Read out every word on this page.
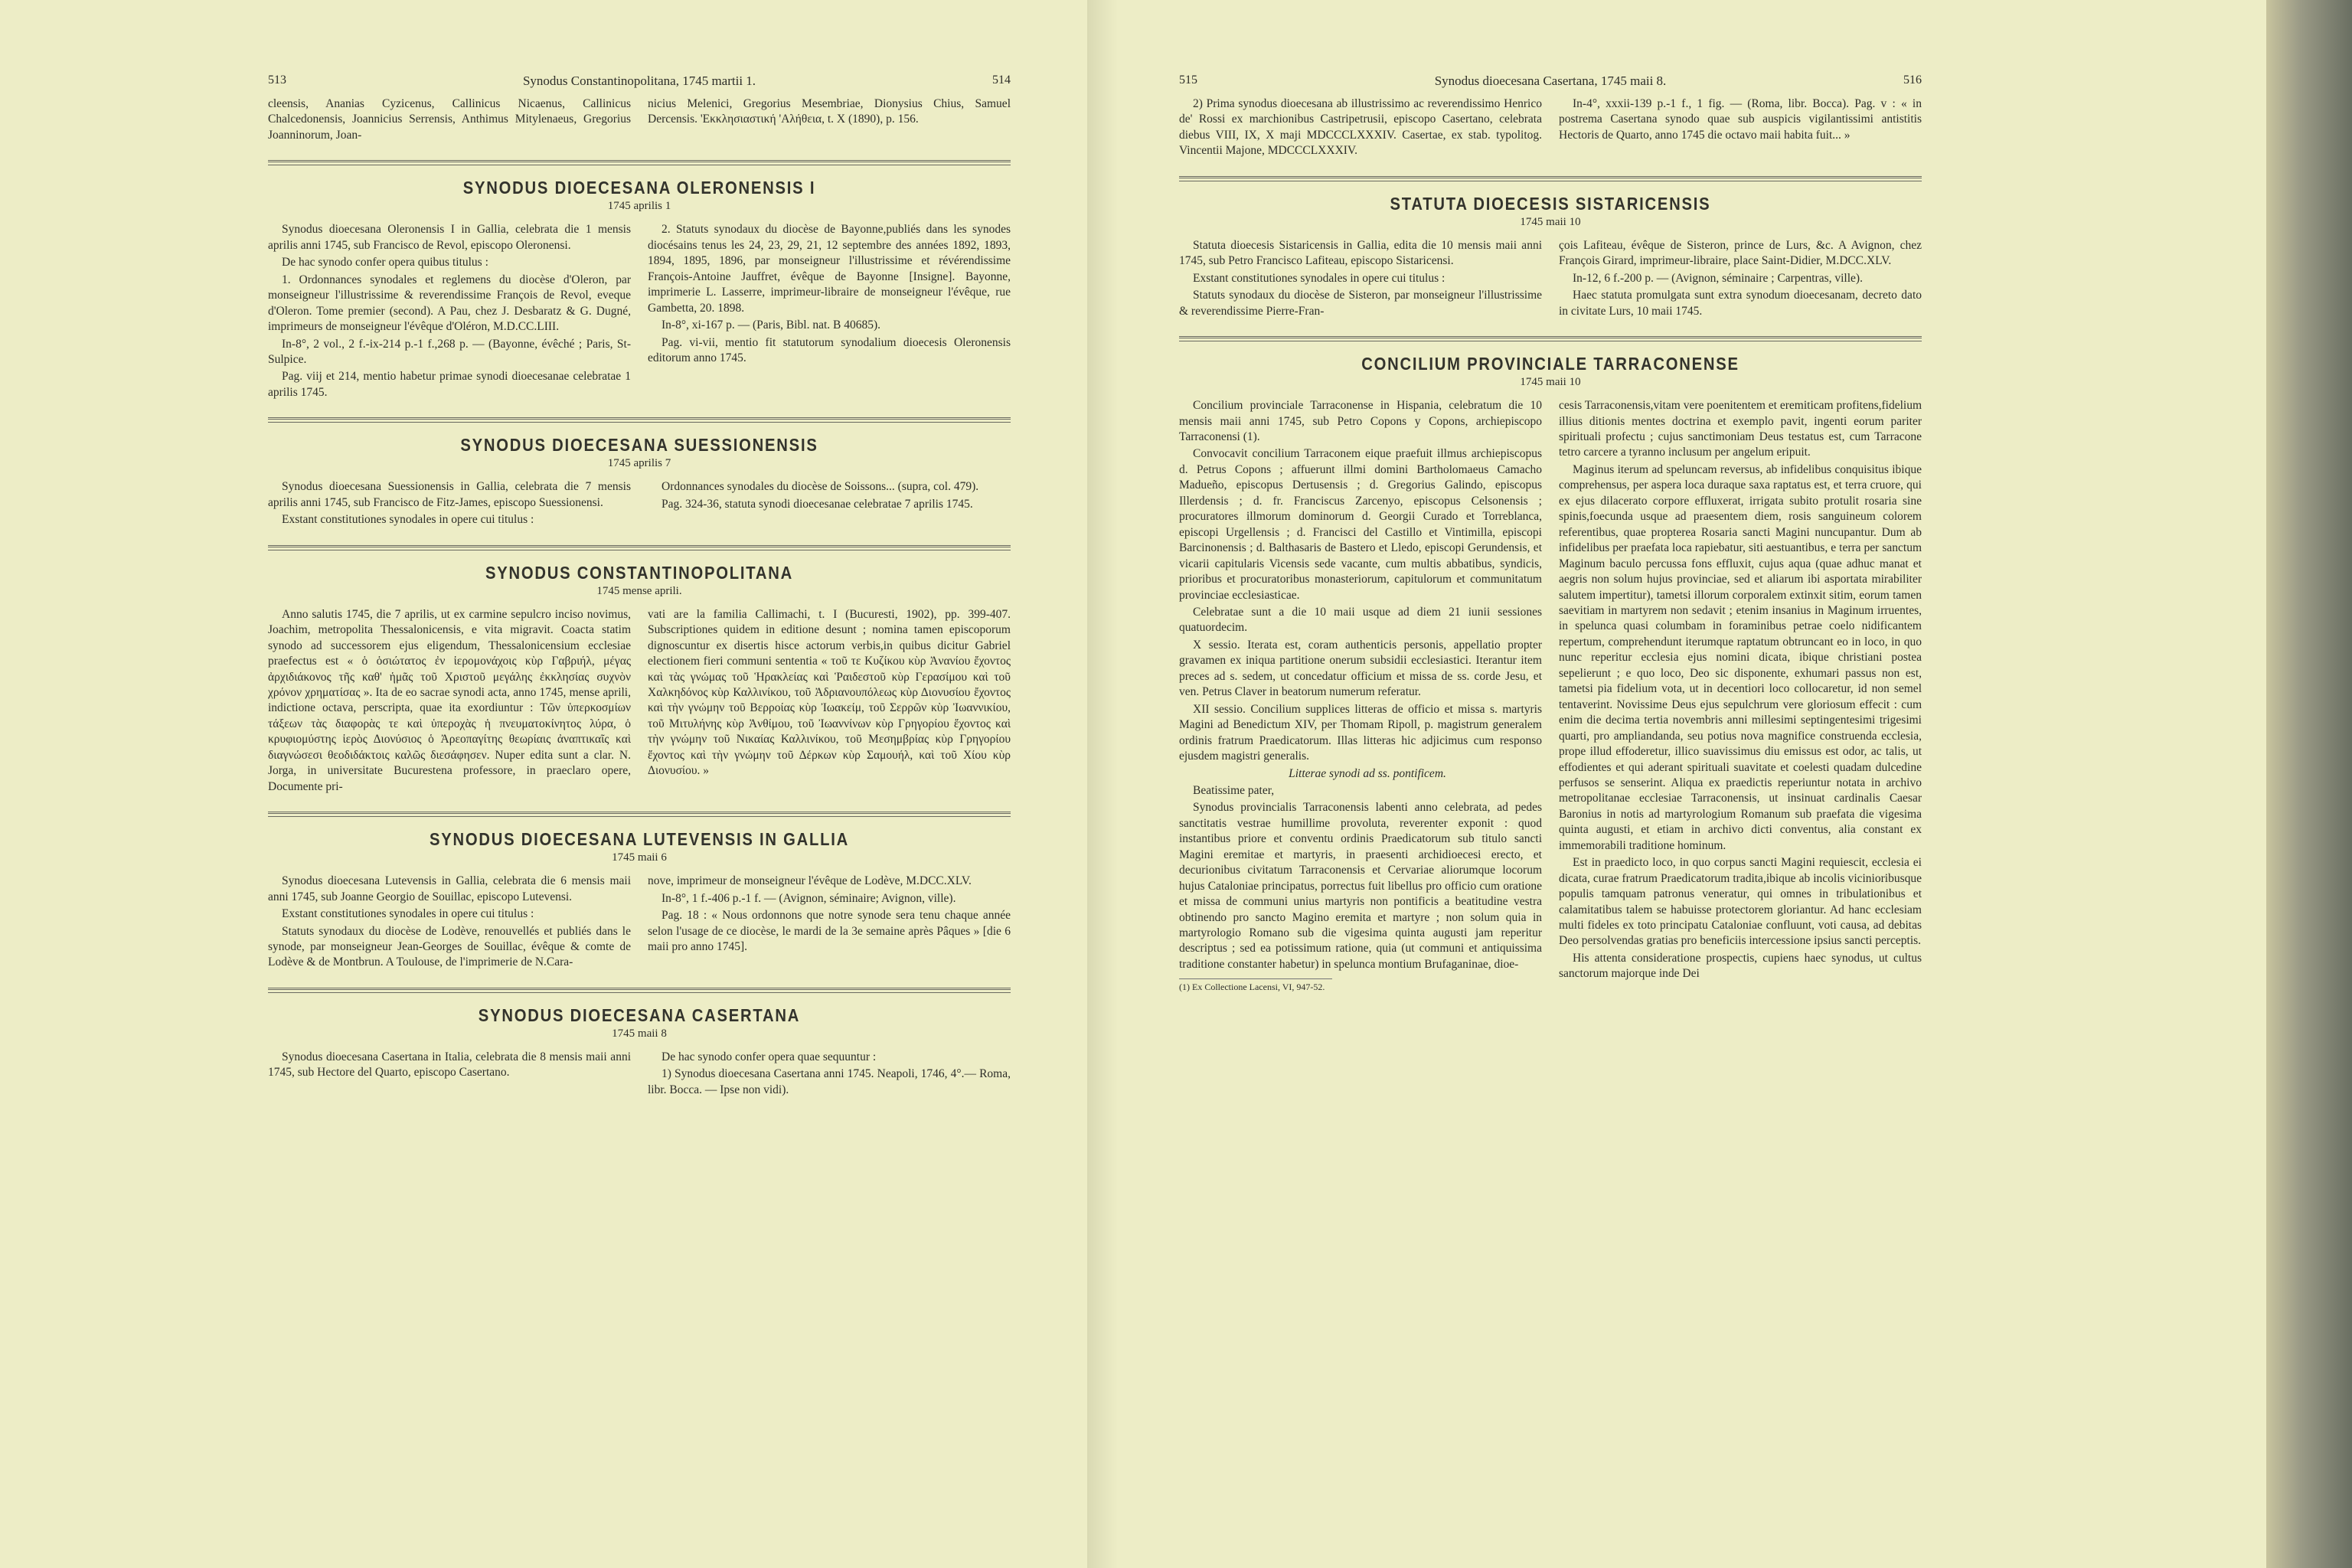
513	Synodus Constantinopolitana, 1745 martii 1.	514

cleensis, Ananias Cyzicenus, Callinicus Nicaenus, Callinicus Chalcedonensis, Joannicius Serrensis, Anthimus Mitylenaeus, Gregorius Joanninorum, Joan-

nicius Melenici, Gregorius Mesembriae, Dionysius Chius, Samuel Dercensis. 'Εκκλησιαστική 'Αλήθεια, t. X (1890), p. 156.

SYNODUS DIOECESANA OLERONENSIS I
1745 aprilis 1

Synodus dioecesana Oleronensis I in Gallia, celebrata die 1 mensis aprilis anni 1745, sub Francisco de Revol, episcopo Oleronensi.

De hac synodo confer opera quibus titulus :

1. Ordonnances synodales et reglemens du diocèse d'Oleron, par monseigneur l'illustrissime & reverendissime François de Revol, eveque d'Oleron. Tome premier (second). A Pau, chez J. Desbaratz & G. Dugné, imprimeurs de monseigneur l'évêque d'Oléron, M.D.CC.LIII.

In-8°, 2 vol., 2 f.-ix-214 p.-1 f.,268 p. — (Bayonne, évêché ; Paris, St-Sulpice.

Pag. viij et 214, mentio habetur primae synodi dioecesanae celebratae 1 aprilis 1745.

2. Statuts synodaux du diocèse de Bayonne,publiés dans les synodes diocésains tenus les 24, 23, 29, 21, 12 septembre des années 1892, 1893, 1894, 1895, 1896, par monseigneur l'illustrissime et révérendissime François-Antoine Jauffret, évêque de Bayonne [Insigne]. Bayonne, imprimerie L. Lasserre, imprimeur-libraire de monseigneur l'évêque, rue Gambetta, 20. 1898.

In-8°, xi-167 p. — (Paris, Bibl. nat. B 40685).

Pag. vi-vii, mentio fit statutorum synodalium dioecesis Oleronensis editorum anno 1745.

SYNODUS DIOECESANA SUESSIONENSIS
1745 aprilis 7

Synodus dioecesana Suessionensis in Gallia, celebrata die 7 mensis aprilis anni 1745, sub Francisco de Fitz-James, episcopo Suessionensi.

Exstant constitutiones synodales in opere cui titulus :

Ordonnances synodales du diocèse de Soissons... (supra, col. 479).

Pag. 324-36, statuta synodi dioecesanae celebratae 7 aprilis 1745.

SYNODUS CONSTANTINOPOLITANA
1745 mense aprili.

Anno salutis 1745, die 7 aprilis, ut ex carmine sepulcro inciso novimus, Joachim, metropolita Thessalonicensis, e vita migravit. Coacta statim synodo ad successorem ejus eligendum, Thessalonicensium ecclesiae praefectus est « ὁ ὁσιώτατος ἐν ἱερομονάχοις κὺρ Γαβριήλ, μέγας ἀρχιδιάκονος τῆς καθ' ἡμᾶς τοῦ Χριστοῦ μεγάλης ἐκκλησίας συχνὸν χρόνον χρηματίσας ». Ita de eo sacrae synodi acta, anno 1745, mense aprili, indictione octava, perscripta, quae ita exordiuntur : Τῶν ὑπερκοσμίων τάξεων τὰς διαφορὰς τε καὶ ὑπεροχὰς ἡ πνευματοκίνητος λύρα, ὁ κρυφιομύστης ἱερὸς Διονύσιος ὁ Ἀρεοπαγίτης θεωρίαις ἀναπτικαῖς καὶ διαγνώσεσι θεοδιδάκτοις καλῶς διεσάφησεν. Nuper edita sunt a clar. N. Jorga, in universitate Bucurestena professore, in praeclaro opere, Documente pri-

vati are la familia Callimachi, t. I (Bucuresti, 1902), pp. 399-407. Subscriptiones quidem in editione desunt ; nomina tamen episcoporum dignoscuntur ex disertis hisce actorum verbis,in quibus dicitur Gabriel electionem fieri communi sententia « τοῦ τε Κυζίκου κὺρ Ἀνανίου ἔχοντος καὶ τὰς γνώμας τοῦ Ἡρακλείας καὶ Ῥαιδεστοῦ κὺρ Γερασίμου καὶ τοῦ Χαλκηδόνος κὺρ Καλλινίκου, τοῦ Ἀδριανουπόλεως κὺρ Διονυσίου ἔχοντος καὶ τὴν γνώμην τοῦ Βερροίας κὺρ Ἰωακείμ, τοῦ Σερρῶν κὺρ Ἰωαννικίου, τοῦ Μιτυλήνης κὺρ Ἀνθίμου, τοῦ Ἰωαννίνων κὺρ Γρηγορίου ἔχοντος καὶ τὴν γνώμην τοῦ Νικαίας Καλλινίκου, τοῦ Μεσημβρίας κὺρ Γρηγορίου ἔχοντος καὶ τὴν γνώμην τοῦ Δέρκων κὺρ Σαμουήλ, καὶ τοῦ Χίου κὺρ Διονυσίου. »

SYNODUS DIOECESANA LUTEVENSIS IN GALLIA
1745 maii 6

Synodus dioecesana Lutevensis in Gallia, celebrata die 6 mensis maii anni 1745, sub Joanne Georgio de Souillac, episcopo Lutevensi.

Exstant constitutiones synodales in opere cui titulus :

Statuts synodaux du diocèse de Lodève, renouvellés et publiés dans le synode, par monseigneur Jean-Georges de Souillac, évêque & comte de Lodève & de Montbrun. A Toulouse, de l'imprimerie de N.Cara-

nove, imprimeur de monseigneur l'évêque de Lodève, M.DCC.XLV.

In-8°, 1 f.-406 p.-1 f. — (Avignon, séminaire; Avignon, ville).

Pag. 18 : « Nous ordonnons que notre synode sera tenu chaque année selon l'usage de ce diocèse, le mardi de la 3e semaine après Pâques » [die 6 maii pro anno 1745].

SYNODUS DIOECESANA CASERTANA
1745 maii 8

Synodus dioecesana Casertana in Italia, celebrata die 8 mensis maii anni 1745, sub Hectore del Quarto, episcopo Casertano.

De hac synodo confer opera quae sequuntur :

1) Synodus dioecesana Casertana anni 1745. Neapoli, 1746, 4°.— Roma, libr. Bocca. — Ipse non vidi).

515	Synodus dioecesana Casertana, 1745 maii 8.	516

2) Prima synodus dioecesana ab illustrissimo ac reverendissimo Henrico de' Rossi ex marchionibus Castripetrusii, episcopo Casertano, celebrata diebus VIII, IX, X maji MDCCCLXXXIV. Casertae, ex stab. typolitog. Vincentii Majone, MDCCCLXXXIV.

In-4°, xxxii-139 p.-1 f., 1 fig. — (Roma, libr. Bocca). Pag. v : « in postrema Casertana synodo quae sub auspicis vigilantissimi antistitis Hectoris de Quarto, anno 1745 die octavo maii habita fuit... »

STATUTA DIOECESIS SISTARICENSIS
1745 maii 10

Statuta dioecesis Sistaricensis in Gallia, edita die 10 mensis maii anni 1745, sub Petro Francisco Lafiteau, episcopo Sistaricensi.

Exstant constitutiones synodales in opere cui titulus :

Statuts synodaux du diocèse de Sisteron, par monseigneur l'illustrissime & reverendissime Pierre-Fran-

çois Lafiteau, évêque de Sisteron, prince de Lurs, &c. A Avignon, chez François Girard, imprimeur-libraire, place Saint-Didier, M.DCC.XLV.

In-12, 6 f.-200 p. — (Avignon, séminaire ; Carpentras, ville).

Haec statuta promulgata sunt extra synodum dioecesanam, decreto dato in civitate Lurs, 10 maii 1745.

CONCILIUM PROVINCIALE TARRACONENSE
1745 maii 10

Concilium provinciale Tarraconense in Hispania, celebratum die 10 mensis maii anni 1745, sub Petro Copons y Copons, archiepiscopo Tarraconensi (1).

Convocavit concilium Tarraconem eique praefuit illmus archiepiscopus d. Petrus Copons ; affuerunt illmi domini Bartholomaeus Camacho Madueño, episcopus Dertusensis ; d. Gregorius Galindo, episcopus Illerdensis ; d. fr. Franciscus Zarcenyo, episcopus Celsonensis ; procuratores illmorum dominorum d. Georgii Curado et Torreblanca, episcopi Urgellensis ; d. Francisci del Castillo et Vintimilla, episcopi Barcinonensis ; d. Balthasaris de Bastero et Lledo, episcopi Gerundensis, et vicarii capitularis Vicensis sede vacante, cum multis abbatibus, syndicis, prioribus et procuratoribus monasteriorum, capitulorum et communitatum provinciae ecclesiasticae.

Celebratae sunt a die 10 maii usque ad diem 21 iunii sessiones quatuordecim.

X sessio. Iterata est, coram authenticis personis, appellatio propter gravamen ex iniqua partitione onerum subsidii ecclesiastici. Iterantur item preces ad s. sedem, ut concedatur officium et missa de ss. corde Jesu, et ven. Petrus Claver in beatorum numerum referatur.

XII sessio. Concilium supplices litteras de officio et missa s. martyris Magini ad Benedictum XIV, per Thomam Ripoll, p. magistrum generalem ordinis fratrum Praedicatorum. Illas litteras hic adjicimus cum responso ejusdem magistri generalis.

Litterae synodi ad ss. pontificem.

Beatissime pater,

Synodus provincialis Tarraconensis labenti anno celebrata, ad pedes sanctitatis vestrae humillime provoluta, reverenter exponit : quod instantibus priore et conventu ordinis Praedicatorum sub titulo sancti Magini eremitae et martyris, in praesenti archidioecesi erecto, et decurionibus civitatum Tarraconensis et Cervariae aliorumque locorum hujus Cataloniae principatus, porrectus fuit libellus pro officio cum oratione et missa de communi unius martyris non pontificis a beatitudine vestra obtinendo pro sancto Magino eremita et martyre ; non solum quia in martyrologio Romano sub die vigesima quinta augusti jam reperitur descriptus ; sed ea potissimum ratione, quia (ut communi et antiquissima traditione constanter habetur) in spelunca montium Brufaganinae, dioe-

(1) Ex Collectione Lacensi, VI, 947-52.

cesis Tarraconensis,vitam vere poenitentem et eremiticam profitens,fidelium illius ditionis mentes doctrina et exemplo pavit, ingenti eorum pariter spirituali profectu ; cujus sanctimoniam Deus testatus est, cum Tarracone tetro carcere a tyranno inclusum per angelum eripuit.

Maginus iterum ad speluncam reversus, ab infidelibus conquisitus ibique comprehensus, per aspera loca duraque saxa raptatus est, et terra cruore, qui ex ejus dilacerato corpore effluxerat, irrigata subito protulit rosaria sine spinis,foecunda usque ad praesentem diem, rosis sanguineum colorem referentibus, quae propterea Rosaria sancti Magini nuncupantur. Dum ab infidelibus per praefata loca rapiebatur, siti aestuantibus, e terra per sanctum Maginum baculo percussa fons effluxit, cujus aqua (quae adhuc manat et aegris non solum hujus provinciae, sed et aliarum ibi asportata mirabiliter salutem impertitur), tametsi illorum corporalem extinxit sitim, eorum tamen saevitiam in martyrem non sedavit ; etenim insanius in Maginum irruentes, in spelunca quasi columbam in foraminibus petrae coelo nidificantem repertum, comprehendunt iterumque raptatum obtruncant eo in loco, in quo nunc reperitur ecclesia ejus nomini dicata, ibique christiani postea sepelierunt ; e quo loco, Deo sic disponente, exhumari passus non est, tametsi pia fidelium vota, ut in decentiori loco collocaretur, id non semel tentaverint. Novissime Deus ejus sepulchrum vere gloriosum effecit : cum enim die decima tertia novembris anni millesimi septingentesimi trigesimi quarti, pro ampliandanda, seu potius nova magnifice construenda ecclesia, prope illud effoderetur, illico suavissimus diu emissus est odor, ac talis, ut effodientes et qui aderant spirituali suavitate et coelesti quadam dulcedine perfusos se senserint. Aliqua ex praedictis reperiuntur notata in archivo metropolitanae ecclesiae Tarraconensis, ut insinuat cardinalis Caesar Baronius in notis ad martyrologium Romanum sub praefata die vigesima quinta augusti, et etiam in archivo dicti conventus, alia constant ex immemorabili traditione hominum.

Est in praedicto loco, in quo corpus sancti Magini requiescit, ecclesia ei dicata, curae fratrum Praedicatorum tradita,ibique ab incolis vicinioribusque populis tamquam patronus veneratur, qui omnes in tribulationibus et calamitatibus talem se habuisse protectorem gloriantur. Ad hanc ecclesiam multi fideles ex toto principatu Cataloniae confluunt, voti causa, ad debitas Deo persolvendas gratias pro beneficiis intercessione ipsius sancti perceptis.

His attenta consideratione prospectis, cupiens haec synodus, ut cultus sanctorum majorque inde Dei
